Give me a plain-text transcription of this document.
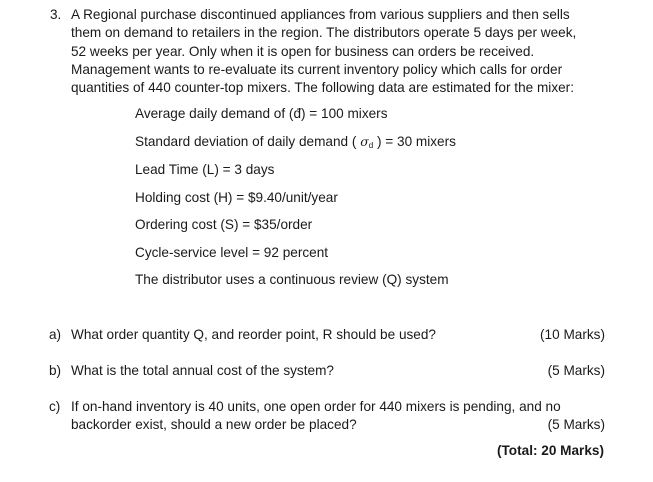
3. A Regional purchase discontinued appliances from various suppliers and then sells
them on demand to retailers in the region. The distributors operate 5 days per week,
52 weeks per year. Only when it is open for business can orders be received.
Management wants to re-evaluate its current inventory policy which calls for order
quantities of 440 counter-top mixers. The following data are estimated for the mixer:
Average daily demand of (đ) = 100 mixers
Standard deviation of daily demand ( $\sigma_d$ ) = 30 mixers
Lead Time (L) = 3 days
Holding cost (H) = $9.40/unit/year
Ordering cost (S) = $35/order
Cycle-service level = 92 percent
The distributor uses a continuous review (Q) system
a) What order quantity Q, and reorder point, R should be used?	(10 Marks)
b) What is the total annual cost of the system?	(5 Marks)
c) If on-hand inventory is 40 units, one open order for 440 mixers is pending, and no
backorder exist, should a new order be placed?	(5 Marks)
(Total: 20 Marks)
